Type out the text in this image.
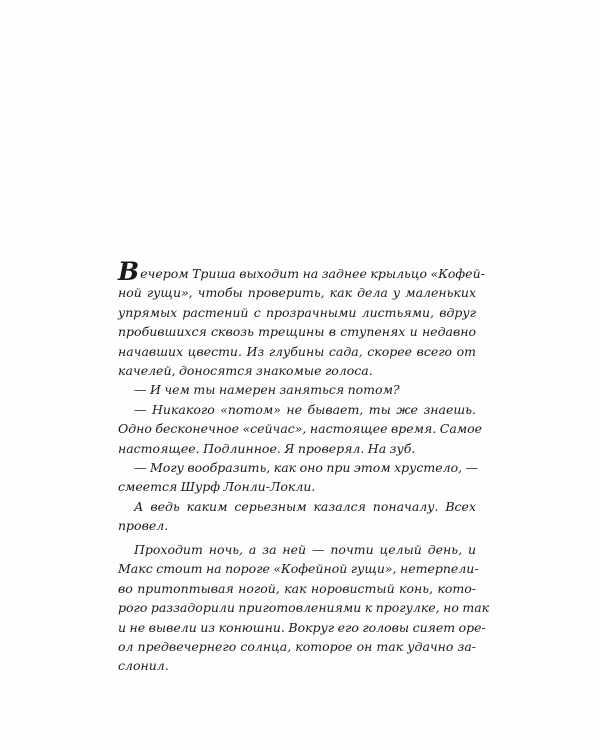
Вечером Триша выходит на заднее крыльцо «Кофей-
ной гущи», чтобы проверить, как дела у маленьких
упрямых растений с прозрачными листьями, вдруг
пробившихся сквозь трещины в ступенях и недавно
начавших цвести. Из глубины сада, скорее всего от
качелей, доносятся знакомые голоса.
— И чем ты намерен заняться потом?
— Никакого «потом» не бывает, ты же знаешь.
Одно бесконечное «сейчас», настоящее время. Самое
настоящее. Подлинное. Я проверял. На зуб.
— Могу вообразить, как оно при этом хрустело, —
смеется Шурф Лонли-Локли.
А ведь каким серьезным казался поначалу. Всех
провел.
Проходит ночь, а за ней — почти целый день, и
Макс стоит на пороге «Кофейной гущи», нетерпели-
во притоптывая ногой, как норовистый конь, кото-
рого раззадорили приготовлениями к прогулке, но так
и не вывели из конюшни. Вокруг его головы сияет оре-
ол предвечернего солнца, которое он так удачно за-
слонил.
